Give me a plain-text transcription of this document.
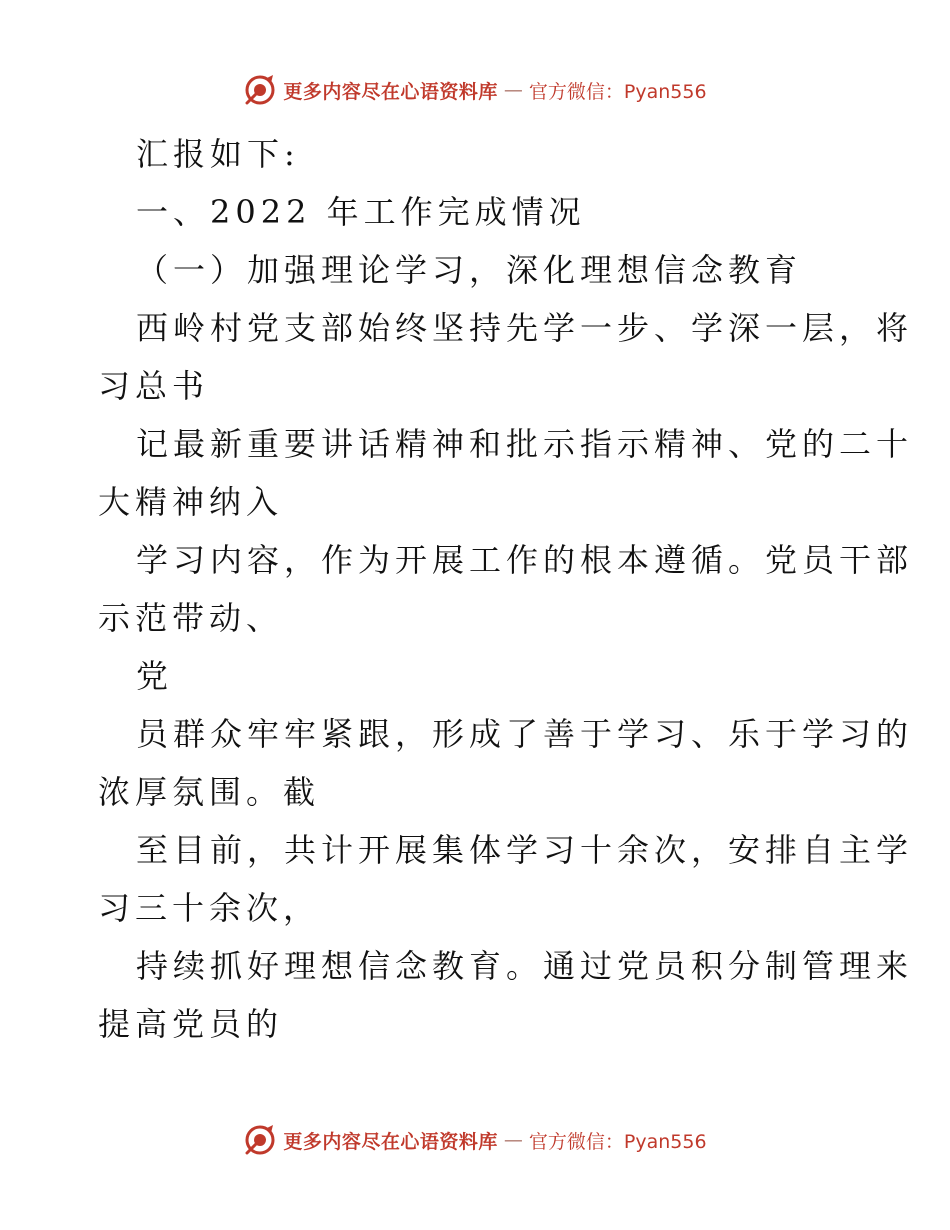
更多内容尽在心语资料库 — 官方微信：Pyan556
汇报如下:
一、2022 年工作完成情况
（一）加强理论学习，深化理想信念教育
西岭村党支部始终坚持先学一步、学深一层，将
习总书
记最新重要讲话精神和批示指示精神、党的二十
大精神纳入
学习内容，作为开展工作的根本遵循。党员干部
示范带动、
党
员群众牢牢紧跟，形成了善于学习、乐于学习的
浓厚氛围。截
至目前，共计开展集体学习十余次，安排自主学
习三十余次，
持续抓好理想信念教育。通过党员积分制管理来
提高党员的
更多内容尽在心语资料库 — 官方微信：Pyan556
